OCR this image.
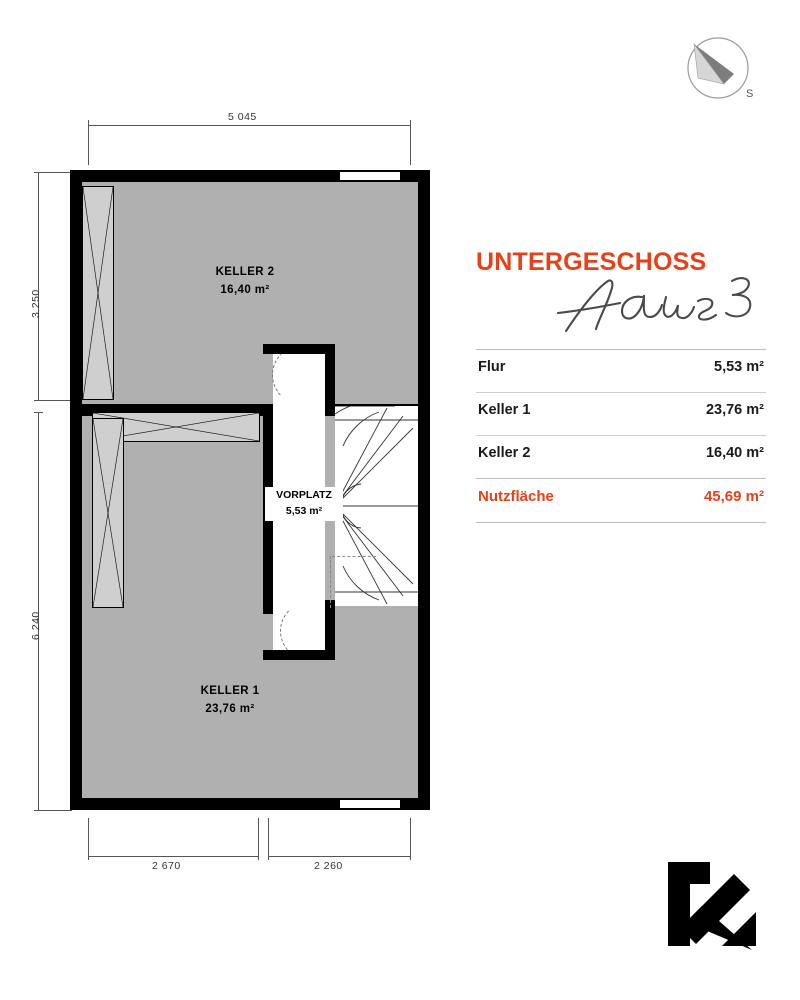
S
5 045
3 250
6 240
KELLER 2
16,40 m²
VORPLATZ
5,53 m²
KELLER 1
23,76 m²
2 670	2 260
UNTERGESCHOSS
Flur	5,53 m²
Keller 1	23,76 m²
Keller 2	16,40 m²
Nutzfläche	45,69 m²
